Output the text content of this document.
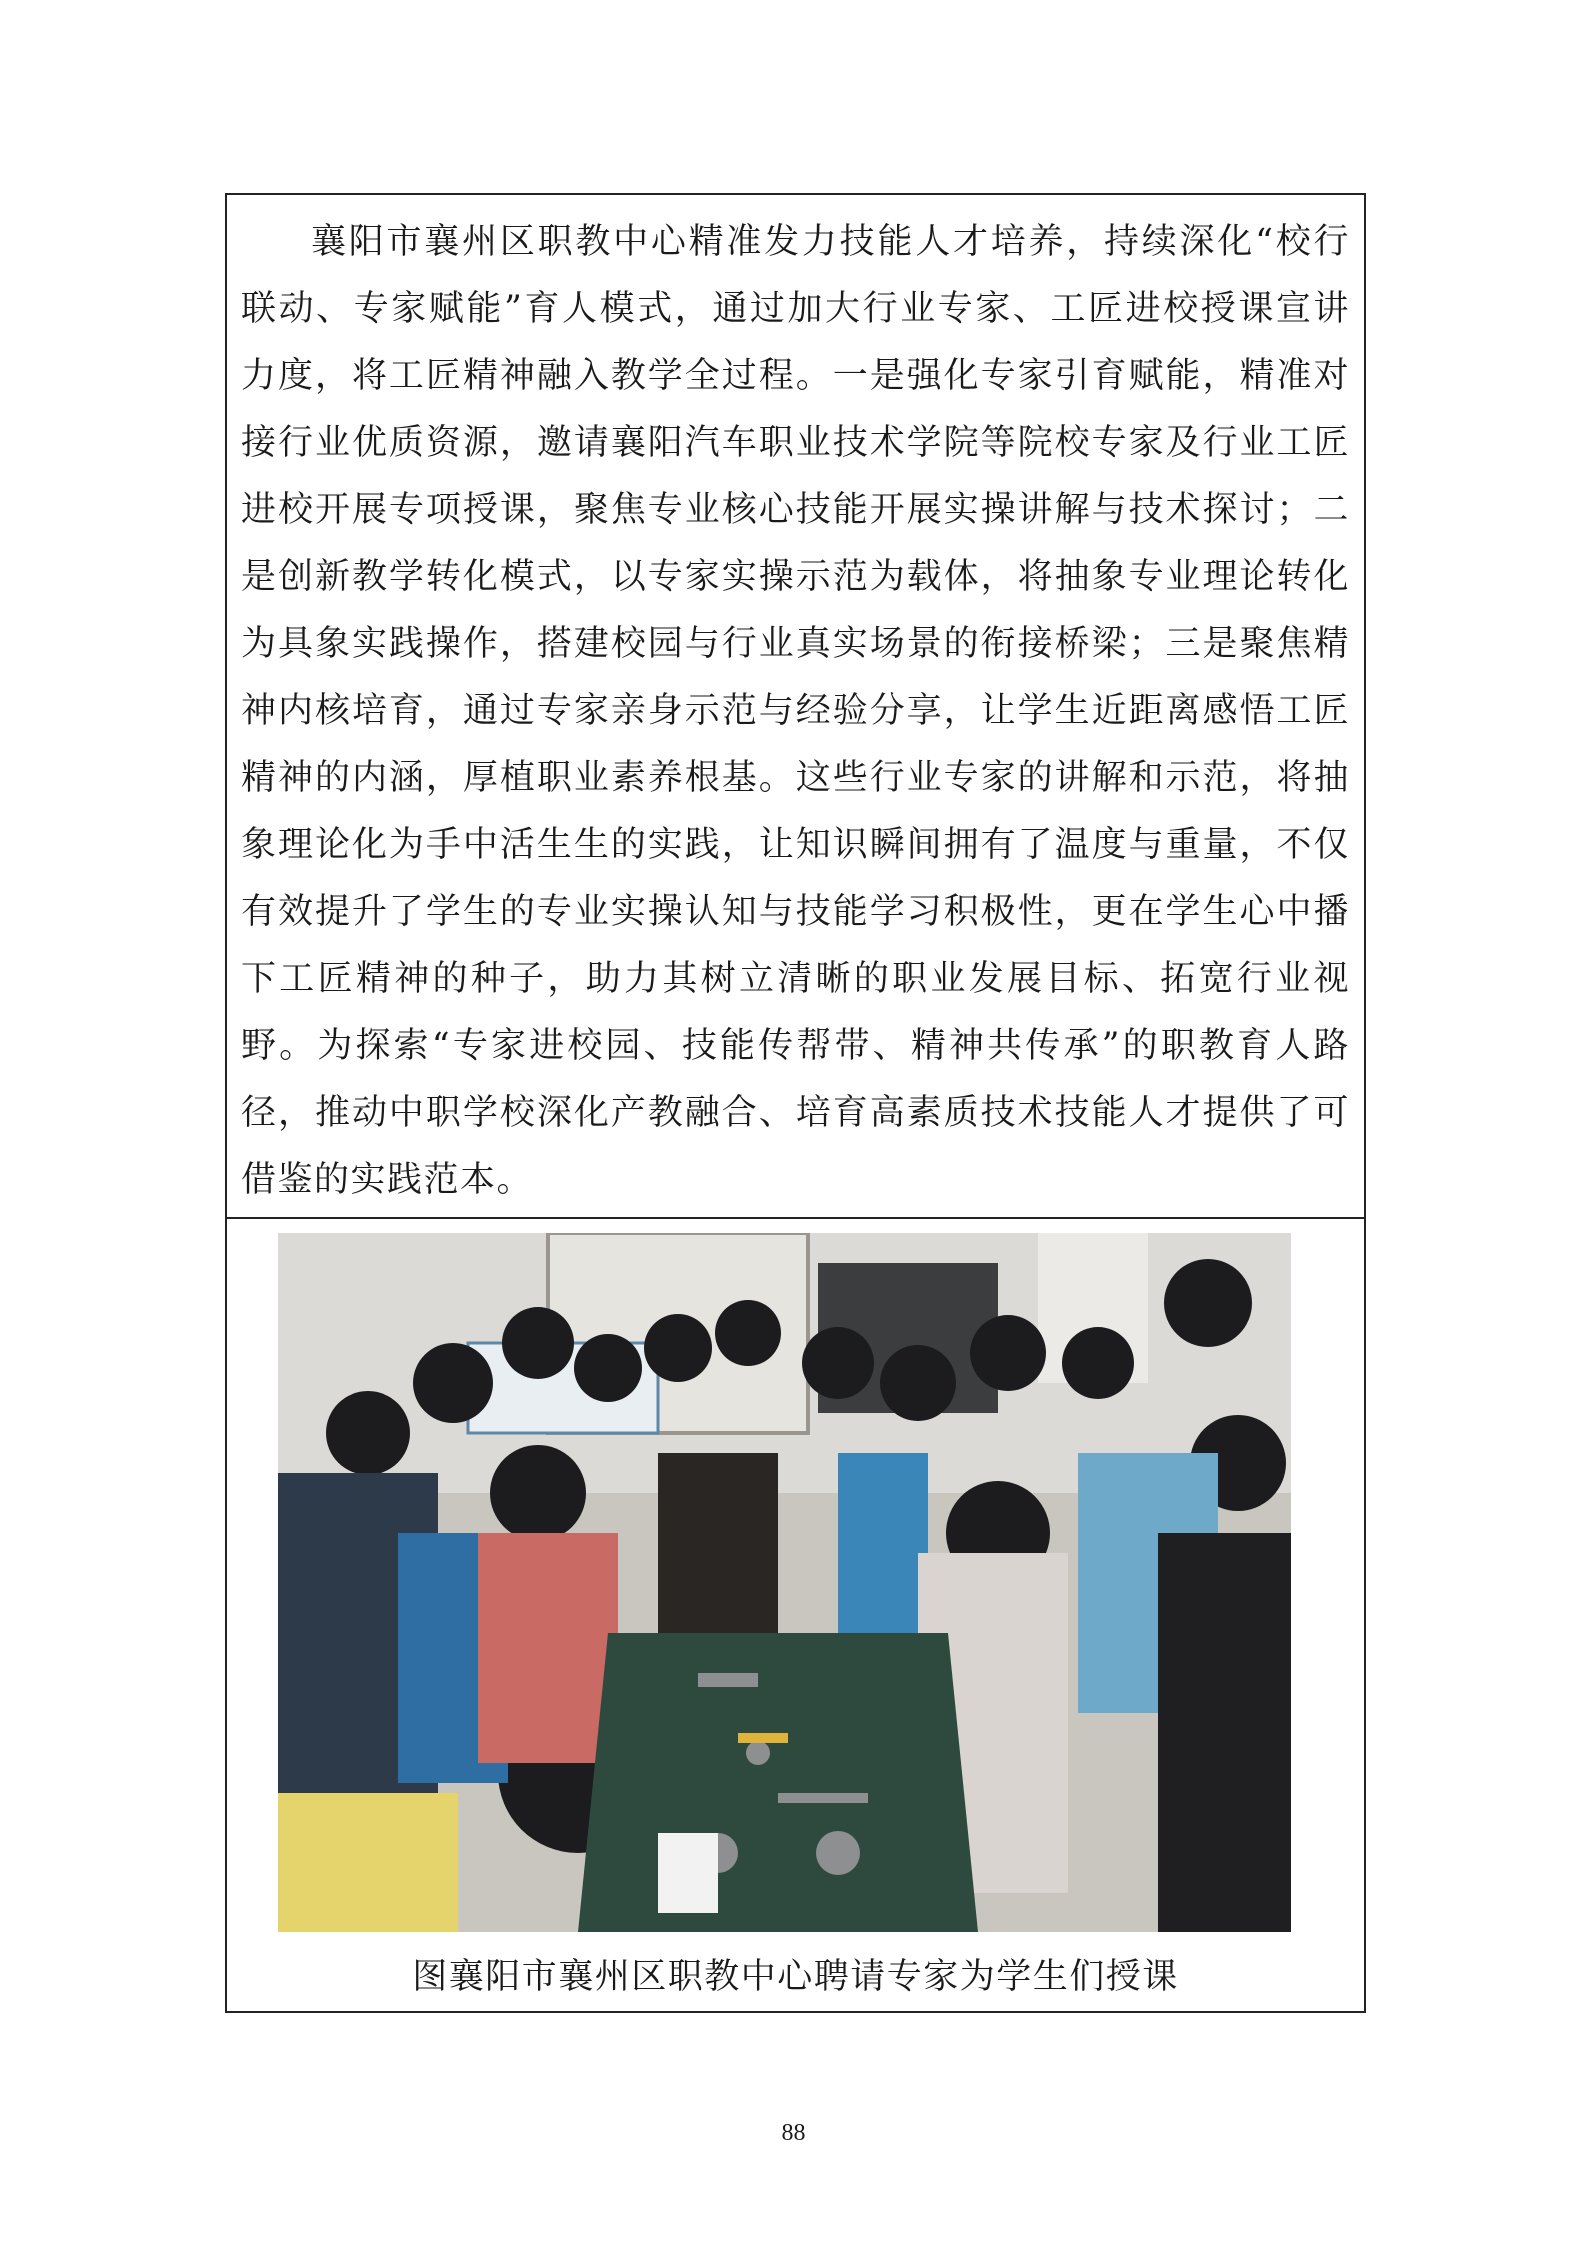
襄阳市襄州区职教中心精准发力技能人才培养，持续深化“校行联动、专家赋能”育人模式，通过加大行业专家、工匠进校授课宣讲力度，将工匠精神融入教学全过程。一是强化专家引育赋能，精准对接行业优质资源，邀请襄阳汽车职业技术学院等院校专家及行业工匠进校开展专项授课，聚焦专业核心技能开展实操讲解与技术探讨；二是创新教学转化模式，以专家实操示范为载体，将抽象专业理论转化为具象实践操作，搭建校园与行业真实场景的衔接桥梁；三是聚焦精神内核培育，通过专家亲身示范与经验分享，让学生近距离感悟工匠精神的内涵，厚植职业素养根基。这些行业专家的讲解和示范，将抽象理论化为手中活生生的实践，让知识瞬间拥有了温度与重量，不仅有效提升了学生的专业实操认知与技能学习积极性，更在学生心中播下工匠精神的种子，助力其树立清晰的职业发展目标、拓宽行业视野。为探索“专家进校园、技能传帮带、精神共传承”的职教育人路径，推动中职学校深化产教融合、培育高素质技术技能人才提供了可借鉴的实践范本。

图襄阳市襄州区职教中心聘请专家为学生们授课
88
